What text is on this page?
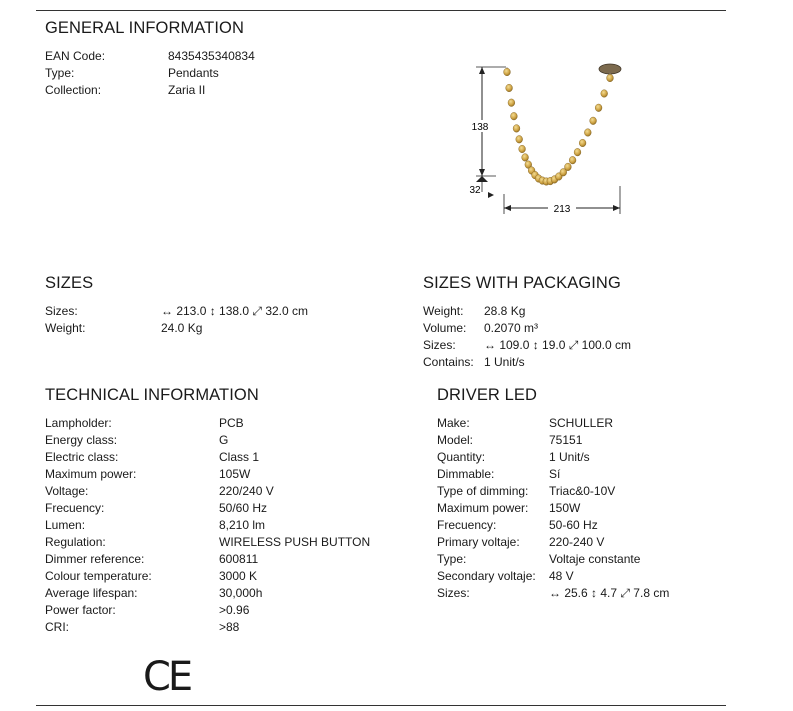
GENERAL INFORMATION
EAN Code:	8435435340834
Type:	Pendants
Collection:	Zaria II
138
32
213
SIZES
Sizes:	↔ 213.0 ↕ 138.0 ⤢ 32.0 cm
Weight:	24.0 Kg
SIZES WITH PACKAGING
Weight: 28.8 Kg
Volume: 0.2070 m³
Sizes: ↔ 109.0 ↕ 19.0 ⤢ 100.0 cm
Contains: 1 Unit/s
TECHNICAL INFORMATION
Lampholder:	PCB
Energy class:	G
Electric class:	Class 1
Maximum power:	105W
Voltage:	220/240 V
Frecuency:	50/60 Hz
Lumen:	8,210 lm
Regulation:	WIRELESS PUSH BUTTON
Dimmer reference:	600811
Colour temperature:	3000 K
Average lifespan:	30,000h
Power factor:	>0.96
CRI:	>88
DRIVER LED
Make:	SCHULLER
Model:	75151
Quantity:	1 Unit/s
Dimmable:	Sí
Type of dimming: Triac&0-10V
Maximum power: 150W
Frecuency:	50-60 Hz
Primary voltaje: 220-240 V
Type:	Voltaje constante
Secondary voltaje: 48 V
Sizes:	↔ 25.6 ↕ 4.7 ⤢ 7.8 cm
CE
